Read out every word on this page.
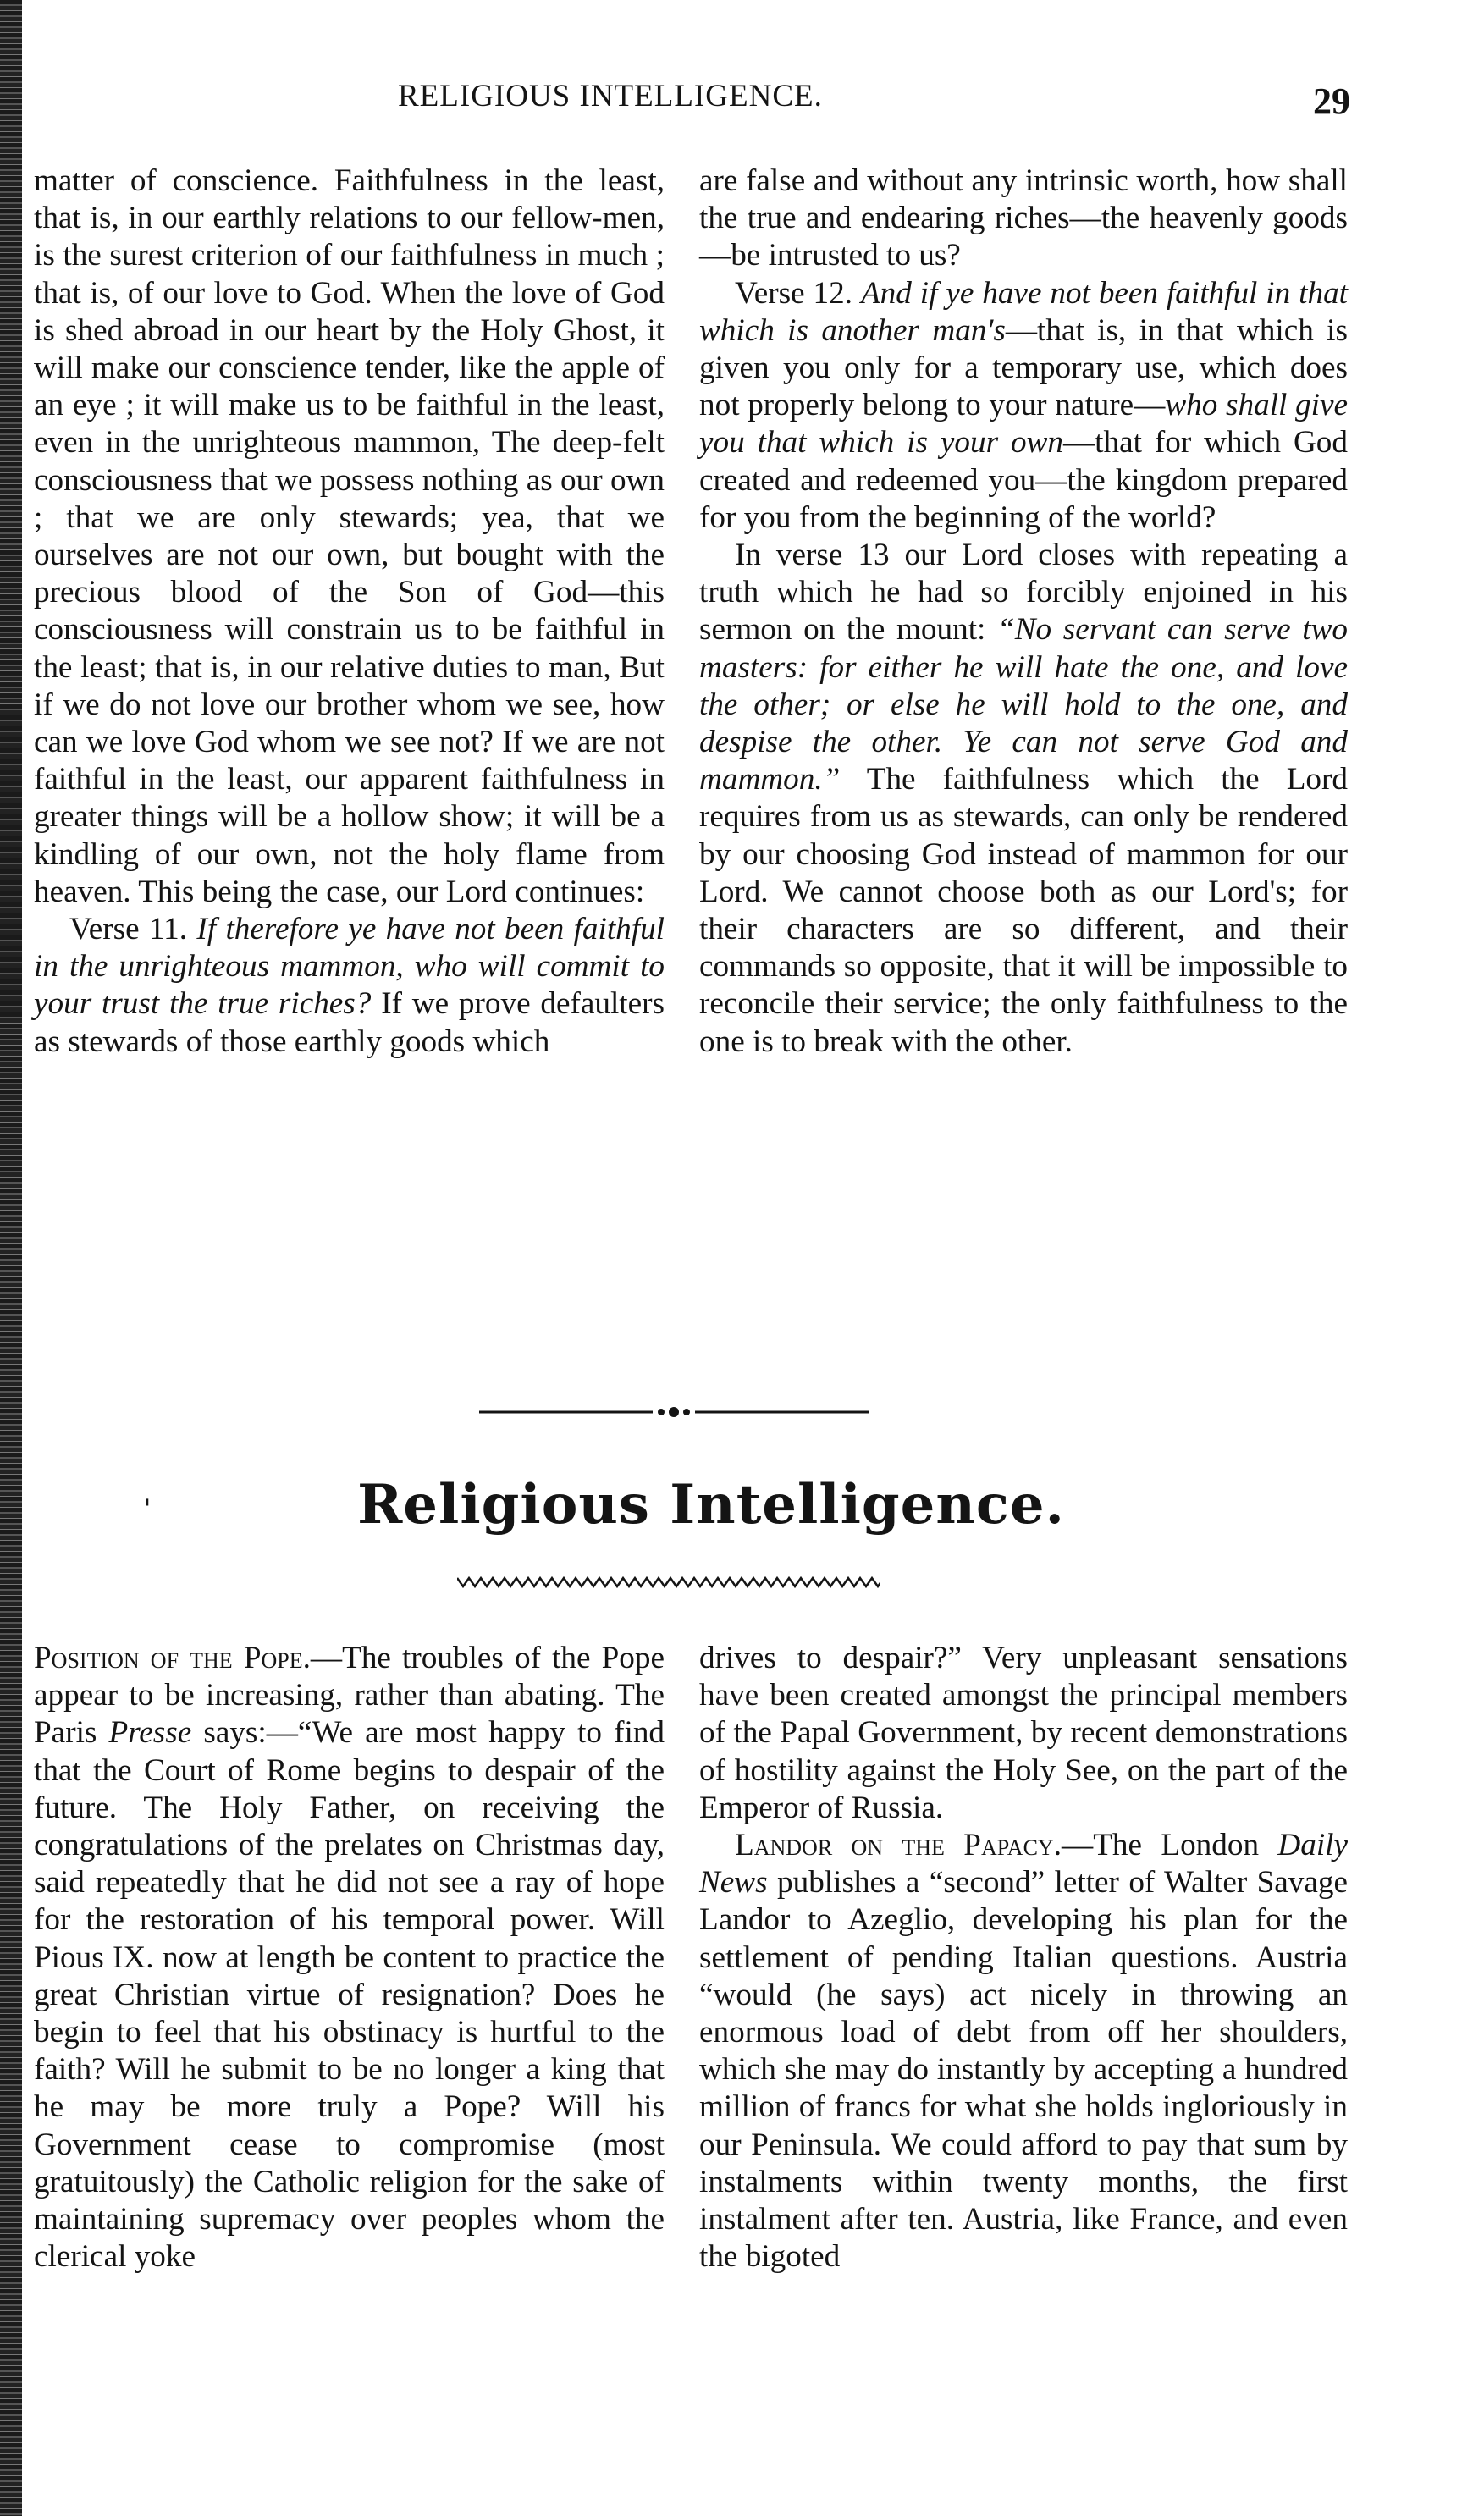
RELIGIOUS INTELLIGENCE.	29

matter of conscience. Faithfulness in the least, that is, in our earthly relations to our fellow-men, is the surest criterion of our faithfulness in much ; that is, of our love to God. When the love of God is shed abroad in our heart by the Holy Ghost, it will make our conscience tender, like the apple of an eye ; it will make us to be faithful in the least, even in the unrighteous mammon, The deep-felt consciousness that we possess nothing as our own ; that we are only stewards; yea, that we ourselves are not our own, but bought with the precious blood of the Son of God—this consciousness will constrain us to be faithful in the least; that is, in our relative duties to man, But if we do not love our brother whom we see, how can we love God whom we see not? If we are not faithful in the least, our apparent faithfulness in greater things will be a hollow show; it will be a kindling of our own, not the holy flame from heaven. This being the case, our Lord continues:

Verse 11. If therefore ye have not been faithful in the unrighteous mammon, who will commit to your trust the true riches? If we prove defaulters as stewards of those earthly goods which

are false and without any intrinsic worth, how shall the true and endearing riches—the heavenly goods—be intrusted to us?

Verse 12. And if ye have not been faithful in that which is another man's—that is, in that which is given you only for a temporary use, which does not properly belong to your nature—who shall give you that which is your own—that for which God created and redeemed you—the kingdom prepared for you from the beginning of the world?

In verse 13 our Lord closes with repeating a truth which he had so forcibly enjoined in his sermon on the mount: “No servant can serve two masters: for either he will hate the one, and love the other; or else he will hold to the one, and despise the other. Ye can not serve God and mammon.” The faithfulness which the Lord requires from us as stewards, can only be rendered by our choosing God instead of mammon for our Lord. We cannot choose both as our Lord's; for their characters are so different, and their commands so opposite, that it will be impossible to reconcile their service; the only faithfulness to the one is to break with the other.

'	Religious Intelligence.

Position of the Pope.—The troubles of the Pope appear to be increasing, rather than abating. The Paris Presse says:—“We are most happy to find that the Court of Rome begins to despair of the future. The Holy Father, on receiving the congratulations of the prelates on Christmas day, said repeatedly that he did not see a ray of hope for the restoration of his temporal power. Will Pious IX. now at length be content to practice the great Christian virtue of resignation? Does he begin to feel that his obstinacy is hurtful to the faith? Will he submit to be no longer a king that he may be more truly a Pope? Will his Government cease to compromise (most gratuitously) the Catholic religion for the sake of maintaining supremacy over peoples whom the clerical yoke

drives to despair?” Very unpleasant sensations have been created amongst the principal members of the Papal Government, by recent demonstrations of hostility against the Holy See, on the part of the Emperor of Russia.

Landor on the Papacy.—The London Daily News publishes a “second” letter of Walter Savage Landor to Azeglio, developing his plan for the settlement of pending Italian questions. Austria “would (he says) act nicely in throwing an enormous load of debt from off her shoulders, which she may do instantly by accepting a hundred million of francs for what she holds ingloriously in our Peninsula. We could afford to pay that sum by instalments within twenty months, the first instalment after ten. Austria, like France, and even the bigoted
